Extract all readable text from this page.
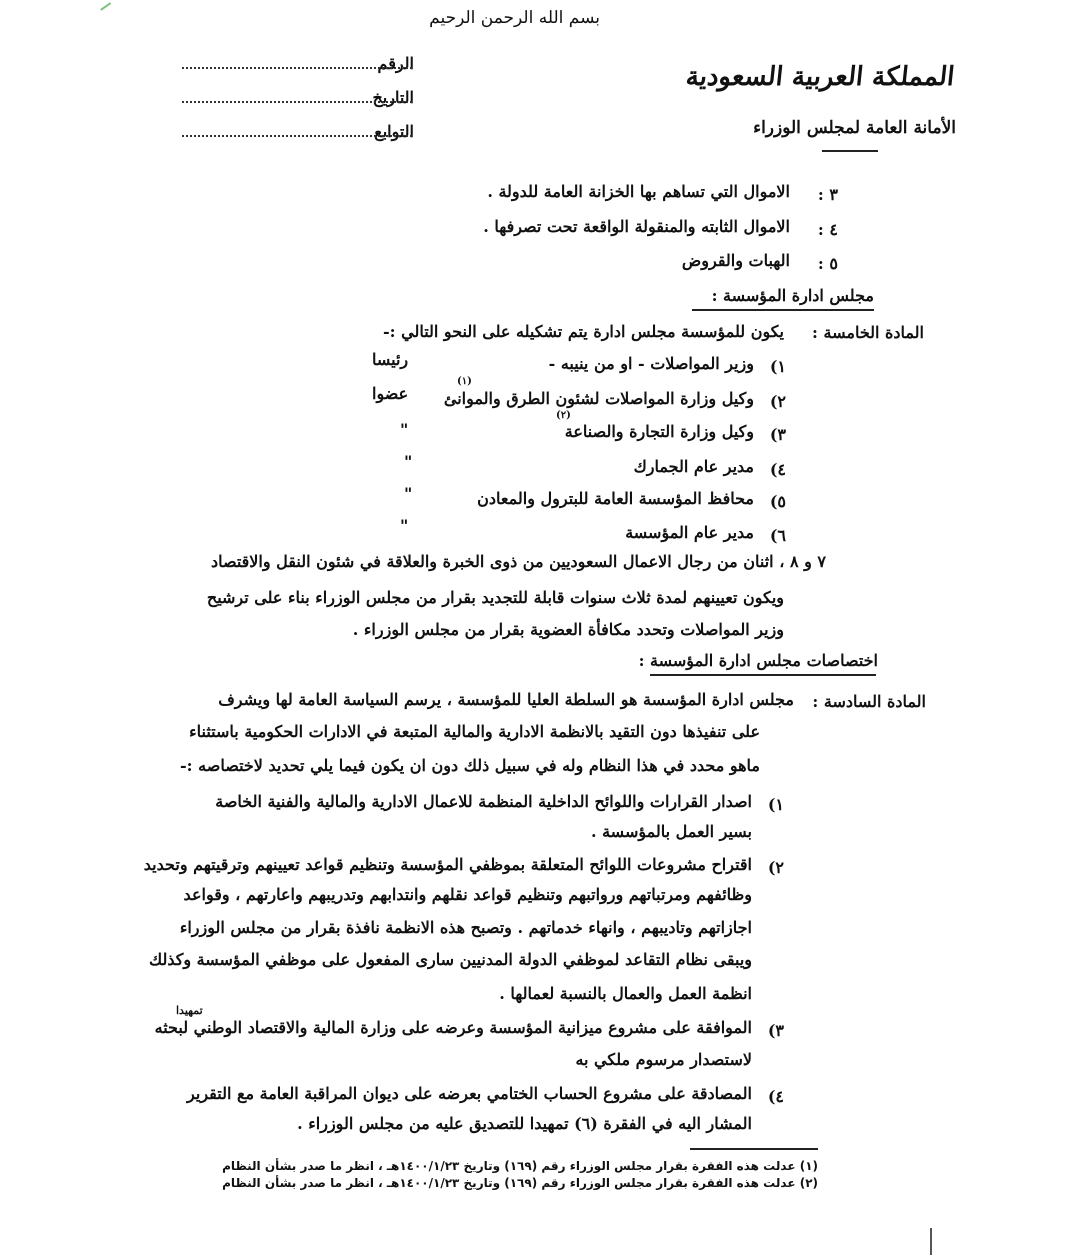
بسم الله الرحمن الرحيم
الرقم
التاريخ
التوابع
المملكة العربية السعودية
الأمانة العامة لمجلس الوزراء
٣ :
الاموال التي تساهم بها الخزانة العامة للدولة .
٤ :
الاموال الثابته والمنقولة الواقعة تحت تصرفها .
٥ :
الهبات والقروض
مجلس ادارة المؤسسة :
المادة الخامسة :
يكون للمؤسسة مجلس ادارة يتم تشكيله على النحو التالي :-
١)
وزير المواصلات - او من ينيبه -
رئيسا
٢)
وكيل وزارة المواصلات لشئون الطرق والموانئ
(١)
عضوا
٣)
وكيل وزارة التجارة والصناعة
(٢)
"
٤)
مدير عام الجمارك
"
٥)
محافظ المؤسسة العامة للبترول والمعادن
"
٦)
مدير عام المؤسسة
"
٧ و ٨ ، اثنان من رجال الاعمال السعوديين من ذوى الخبرة والعلاقة في شئون النقل والاقتصاد
ويكون تعيينهم لمدة ثلاث سنوات قابلة للتجديد بقرار من مجلس الوزراء بناء على ترشيح
وزير المواصلات وتحدد مكافأة العضوية بقرار من مجلس الوزراء .
اختصاصات مجلس ادارة المؤسسة :
المادة السادسة :
مجلس ادارة المؤسسة هو السلطة العليا للمؤسسة ، يرسم السياسة العامة لها ويشرف
على تنفيذها دون التقيد بالانظمة الادارية والمالية المتبعة في الادارات الحكومية باستثناء
ماهو محدد في هذا النظام وله في سبيل ذلك دون ان يكون فيما يلي تحديد لاختصاصه :-
١)
اصدار القرارات واللوائح الداخلية المنظمة للاعمال الادارية والمالية والفنية الخاصة
بسير العمل بالمؤسسة .
٢)
اقتراح مشروعات اللوائح المتعلقة بموظفي المؤسسة وتنظيم قواعد تعيينهم وترقيتهم وتحديد
وظائفهم ومرتباتهم ورواتبهم وتنظيم قواعد نقلهم وانتدابهم وتدريبهم واعارتهم ، وقواعد
اجازاتهم وتاديبهم ، وانهاء خدماتهم . وتصبح هذه الانظمة نافذة بقرار من مجلس الوزراء
ويبقى نظام التقاعد لموظفي الدولة المدنيين سارى المفعول على موظفي المؤسسة وكذلك
انظمة العمل والعمال بالنسبة لعمالها .
تمهيدا
٣)
الموافقة على مشروع ميزانية المؤسسة وعرضه على وزارة المالية والاقتصاد الوطني لبحثه
لاستصدار مرسوم ملكي به
٤)
المصادقة على مشروع الحساب الختامي بعرضه على ديوان المراقبة العامة مع التقرير
المشار اليه في الفقرة (٦) تمهيدا للتصديق عليه من مجلس الوزراء .
(١) عدلت هذه الفقرة بقرار مجلس الوزراء رقم (١٦٩) وتاريخ ١٤٠٠/١/٢٣هـ ، انظر ما صدر بشأن النظام
(٢) عدلت هذه الفقرة بقرار مجلس الوزراء رقم (١٦٩) وتاريخ ١٤٠٠/١/٢٣هـ ، انظر ما صدر بشأن النظام
